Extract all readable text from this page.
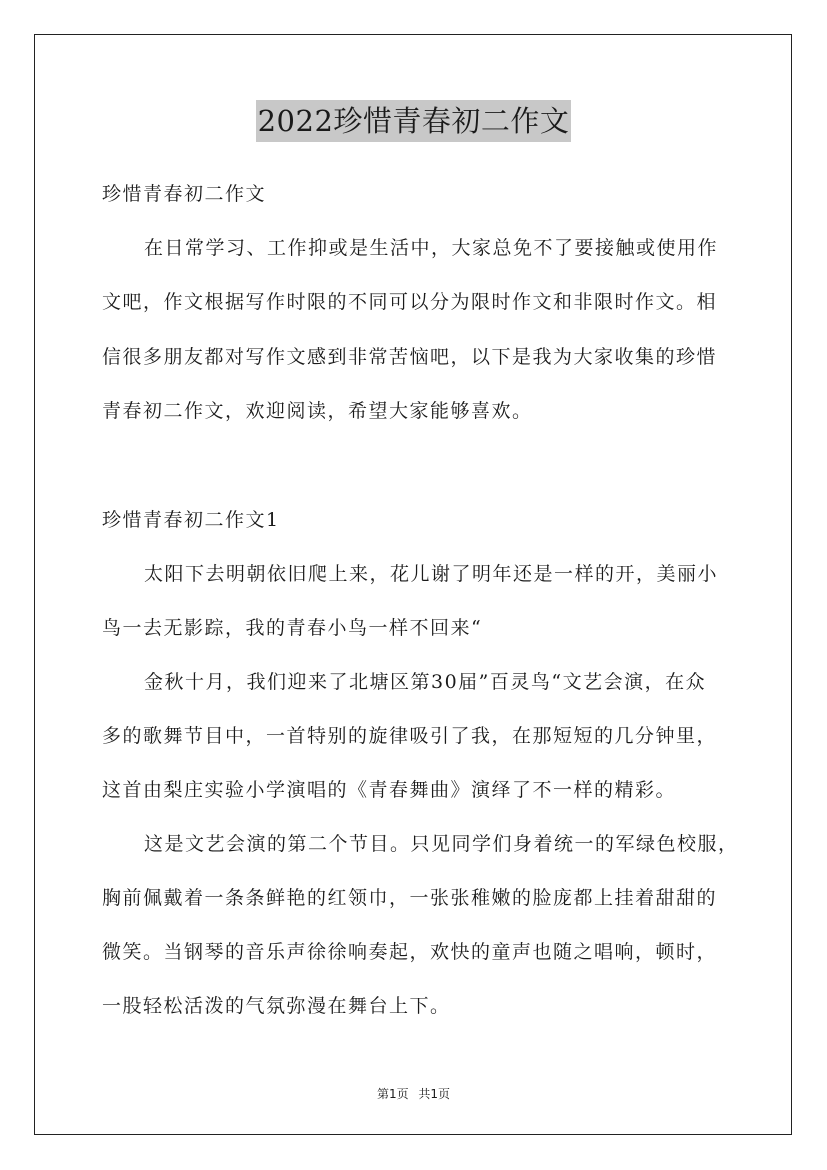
2022珍惜青春初二作文
珍惜青春初二作文
在日常学习、工作抑或是生活中，大家总免不了要接触或使用作
文吧，作文根据写作时限的不同可以分为限时作文和非限时作文。相
信很多朋友都对写作文感到非常苦恼吧，以下是我为大家收集的珍惜
青春初二作文，欢迎阅读，希望大家能够喜欢。
珍惜青春初二作文1
太阳下去明朝依旧爬上来，花儿谢了明年还是一样的开，美丽小
鸟一去无影踪，我的青春小鸟一样不回来“
金秋十月，我们迎来了北塘区第30届”百灵鸟“文艺会演，在众
多的歌舞节目中，一首特别的旋律吸引了我，在那短短的几分钟里，
这首由梨庄实验小学演唱的《青春舞曲》演绎了不一样的精彩。
这是文艺会演的第二个节目。只见同学们身着统一的军绿色校服，
胸前佩戴着一条条鲜艳的红领巾，一张张稚嫩的脸庞都上挂着甜甜的
微笑。当钢琴的音乐声徐徐响奏起，欢快的童声也随之唱响，顿时，
一股轻松活泼的气氛弥漫在舞台上下。
第1页 共1页
